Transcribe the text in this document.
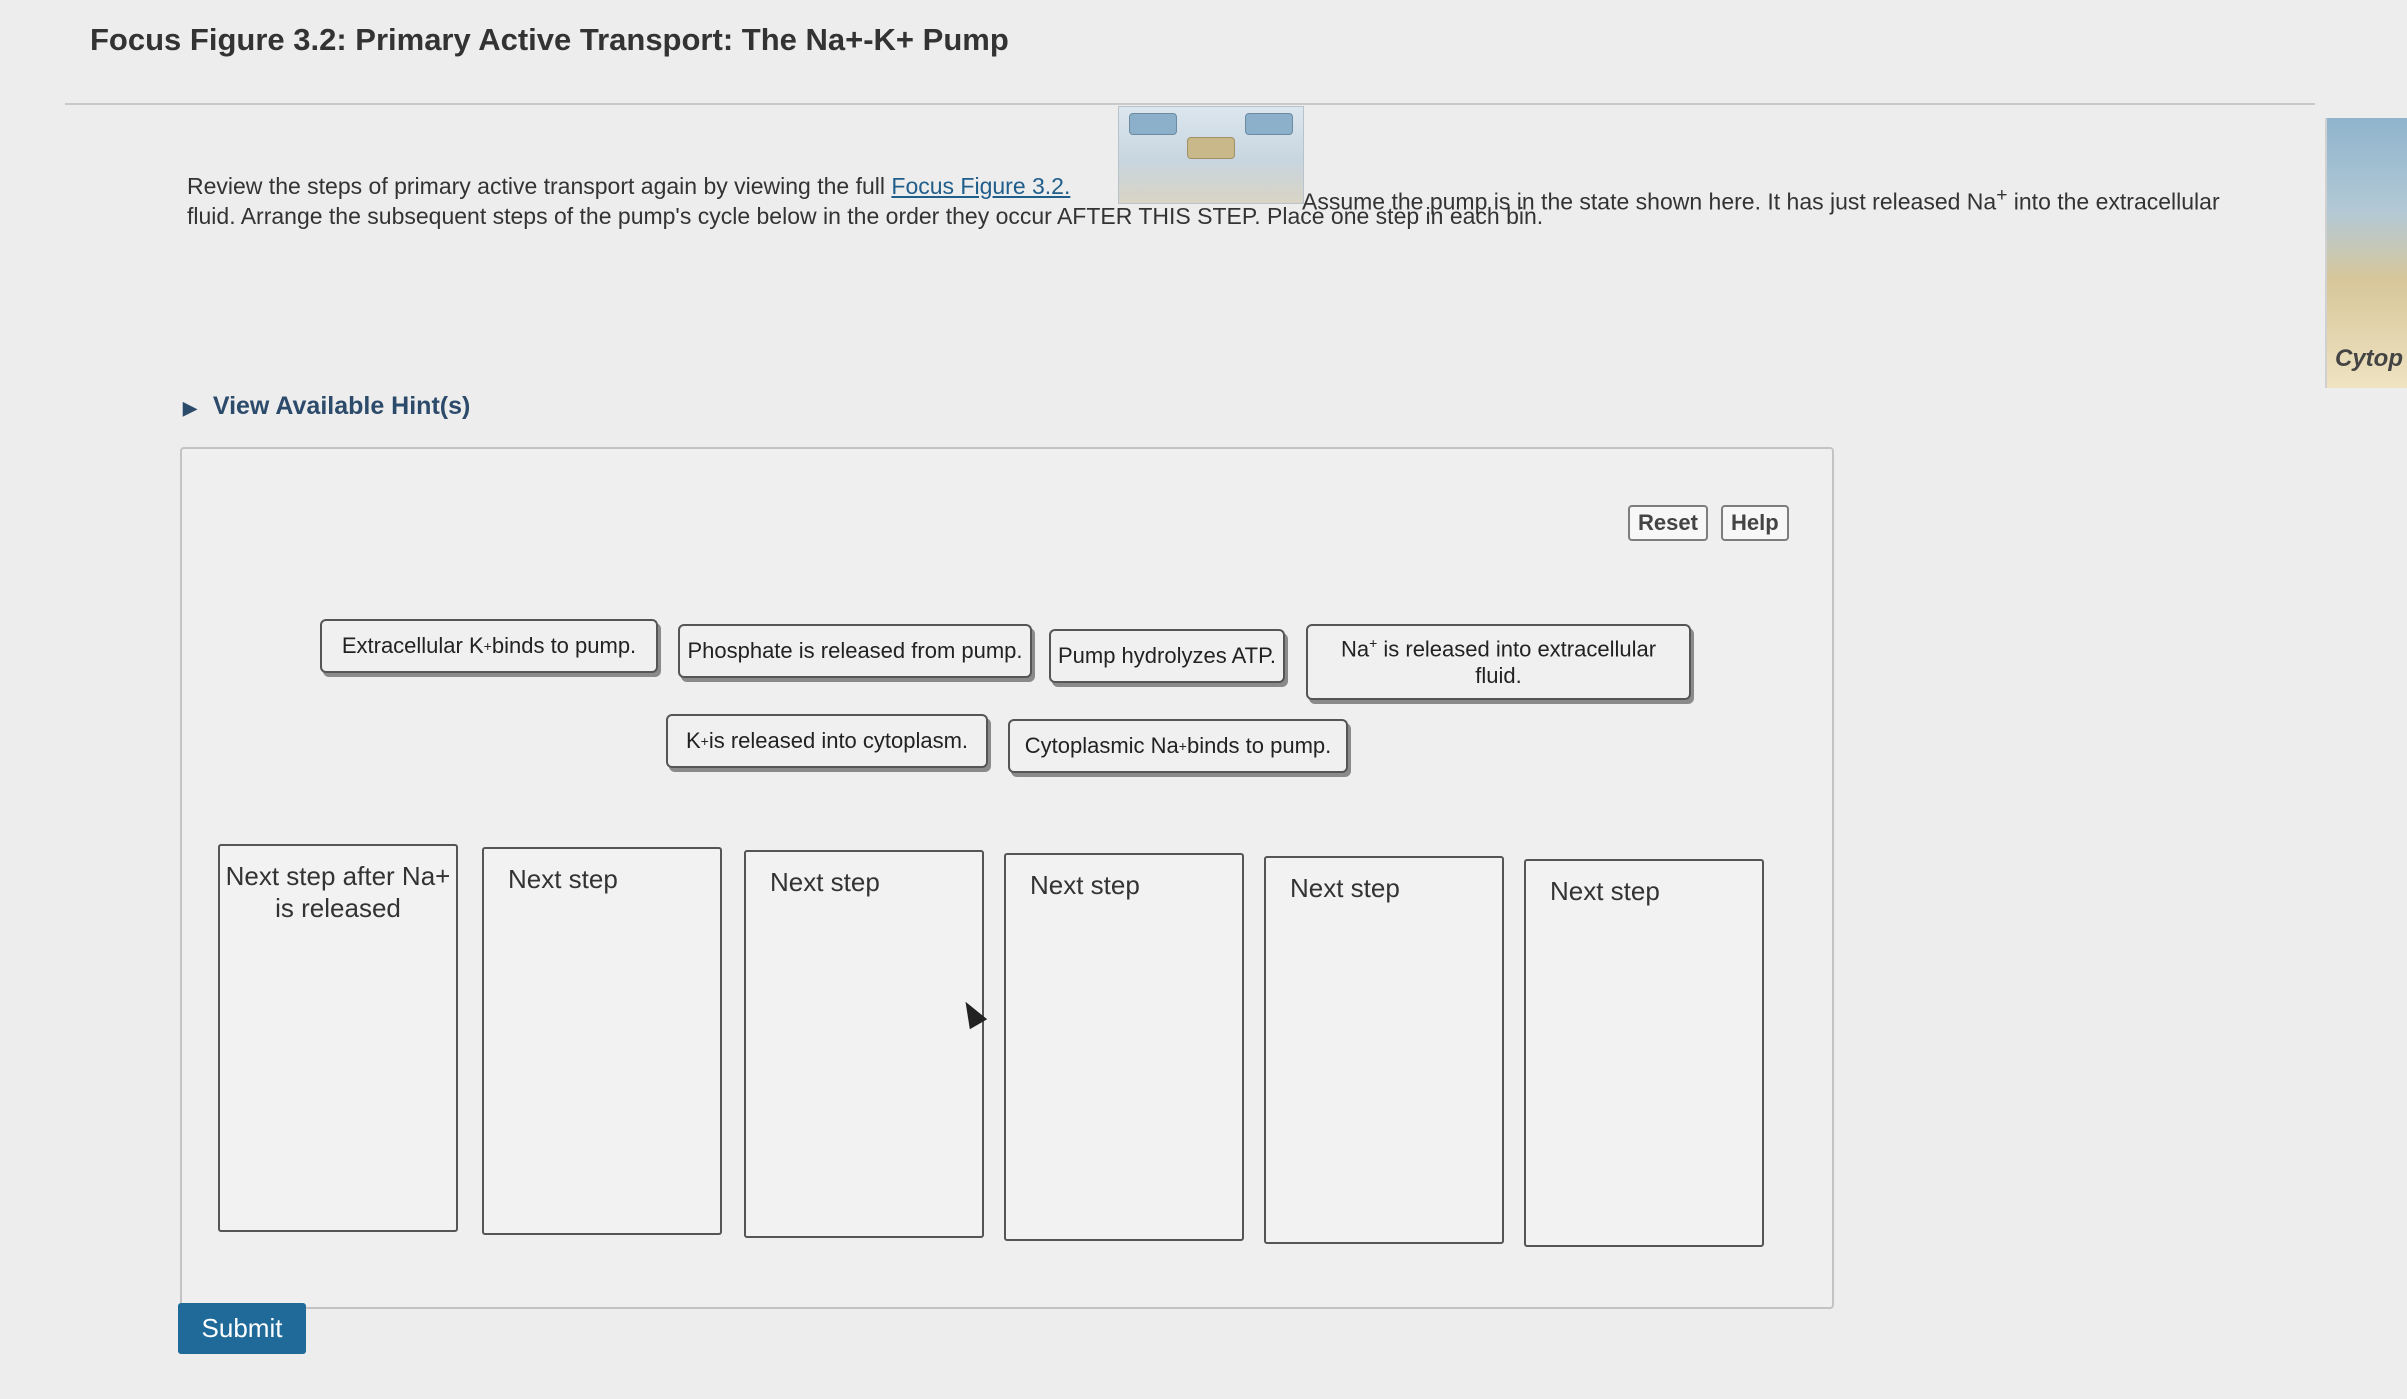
Focus Figure 3.2: Primary Active Transport: The Na+-K+ Pump
Review the steps of primary active transport again by viewing the full Focus Figure 3.2.
Assume the pump is in the state shown here. It has just released Na+ into the extracellular
fluid. Arrange the subsequent steps of the pump's cycle below in the order they occur AFTER THIS STEP. Place one step in each bin.
Cytop
▶ View Available Hint(s)
Reset	Help
Extracellular K + binds to pump. Phosphate is released from pump. Pump hydrolyzes ATP.	Na+ is released into extracellular fluid.
K + is released into cytoplasm.	Cytoplasmic Na + binds to pump.
Next step after Na+ is released
Next step	Next step	Next step	Next step	Next step
Submit
